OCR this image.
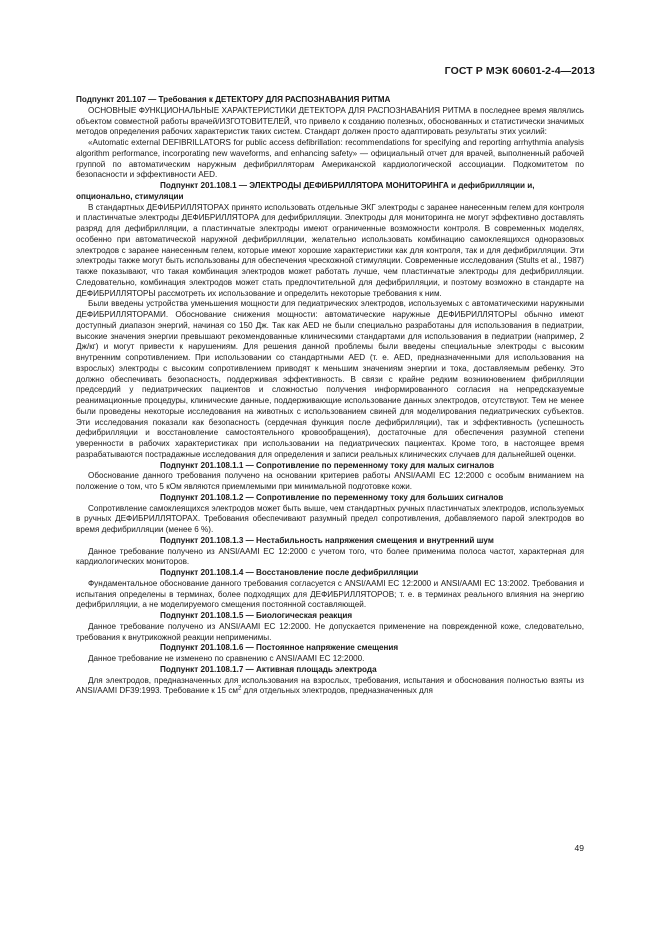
ГОСТ Р МЭК 60601-2-4—2013

Подпункт 201.107 — Требования к ДЕТЕКТОРУ ДЛЯ РАСПОЗНАВАНИЯ РИТМА

ОСНОВНЫЕ ФУНКЦИОНАЛЬНЫЕ ХАРАКТЕРИСТИКИ ДЕТЕКТОРА ДЛЯ РАСПОЗНАВАНИЯ РИТМА в последнее время являлись объектом совместной работы врачей/ИЗГОТОВИТЕЛЕЙ, что привело к созданию полезных, обоснованных и статистически значимых методов определения рабочих характеристик таких систем. Стандарт должен просто адаптировать результаты этих усилий:

«Automatic external DEFIBRILLATORS for public access defibrillation: recommendations for specifying and reporting arrhythmia analysis algorithm performance, incorporating new waveforms, and enhancing safety» — официальный отчет для врачей, выполненный рабочей группой по автоматическим наружным дефибрилляторам Американской кардиологической ассоциации. Подкомитетом по безопасности и эффективности AED.

Подпункт 201.108.1 — ЭЛЕКТРОДЫ ДЕФИБРИЛЛЯТОРА МОНИТОРИНГА и дефибрилляции и, опционально, стимуляции

В стандартных ДЕФИБРИЛЛЯТОРАХ принято использовать отдельные ЭКГ электроды с заранее нанесенным гелем для контроля и пластинчатые электроды ДЕФИБРИЛЛЯТОРА для дефибрилляции. Электроды для мониторинга не могут эффективно доставлять разряд для дефибрилляции, а пластинчатые электроды имеют ограниченные возможности контроля. В современных моделях, особенно при автоматической наружной дефибрилляции, желательно использовать комбинацию самоклеящихся одноразовых электродов с заранее нанесенным гелем, которые имеют хорошие характеристики как для контроля, так и для дефибрилляции. Эти электроды также могут быть использованы для обеспечения чрескожной стимуляции. Современные исследования (Stults et al., 1987) также показывают, что такая комбинация электродов может работать лучше, чем пластинчатые электроды для дефибрилляции. Следовательно, комбинация электродов может стать предпочтительной для дефибрилляции, и поэтому возможно в стандарте на ДЕФИБРИЛЛЯТОРЫ рассмотреть их использование и определить некоторые требования к ним.

Были введены устройства уменьшения мощности для педиатрических электродов, используемых с автоматическими наружными ДЕФИБРИЛЛЯТОРАМИ. Обоснование снижения мощности: автоматические наружные ДЕФИБРИЛЛЯТОРЫ обычно имеют доступный диапазон энергий, начиная со 150 Дж. Так как AED не были специально разработаны для использования в педиатрии, высокие значения энергии превышают рекомендованные клиническими стандартами для использования в педиатрии (например, 2 Дж/кг) и могут привести к нарушениям. Для решения данной проблемы были введены специальные электроды с высоким внутренним сопротивлением. При использовании со стандартными AED (т. е. AED, предназначенными для использования на взрослых) электроды с высоким сопротивлением приводят к меньшим значениям энергии и тока, доставляемым ребенку. Это должно обеспечивать безопасность, поддерживая эффективность. В связи с крайне редким возникновением фибрилляции предсердий у педиатрических пациентов и сложностью получения информированного согласия на непредсказуемые реанимационные процедуры, клинические данные, поддерживающие использование данных электродов, отсутствуют. Тем не менее были проведены некоторые исследования на животных с использованием свиней для моделирования педиатрических субъектов. Эти исследования показали как безопасность (сердечная функция после дефибрилляции), так и эффективность (успешность дефибрилляции и восстановление самостоятельного кровообращения), достаточные для обеспечения разумной степени уверенности в рабочих характеристиках при использовании на педиатрических пациентах. Кроме того, в настоящее время разрабатываются пострадажные исследования для определения и записи реальных клинических случаев для дальнейшей оценки.

Подпункт 201.108.1.1 — Сопротивление по переменному току для малых сигналов

Обоснование данного требования получено на основании критериев работы ANSI/AAMI EC 12:2000 с особым вниманием на положение о том, что 5 кОм являются приемлемыми при минимальной подготовке кожи.

Подпункт 201.108.1.2 — Сопротивление по переменному току для больших сигналов

Сопротивление самоклеящихся электродов может быть выше, чем стандартных ручных пластинчатых электродов, используемых в ручных ДЕФИБРИЛЛЯТОРАХ. Требования обеспечивают разумный предел сопротивления, добавляемого парой электродов во время дефибрилляции (менее 6 %).

Подпункт 201.108.1.3 — Нестабильность напряжения смещения и внутренний шум

Данное требование получено из ANSI/AAMI EC 12:2000 с учетом того, что более применима полоса частот, характерная для кардиологических мониторов.

Подпункт 201.108.1.4 — Восстановление после дефибрилляции

Фундаментальное обоснование данного требования согласуется с ANSI/AAMI EC 12:2000 и ANSI/AAMI EC 13:2002. Требования и испытания определены в терминах, более подходящих для ДЕФИБРИЛЛЯТОРОВ; т. е. в терминах реального влияния на энергию дефибрилляции, а не моделируемого смещения постоянной составляющей.

Подпункт 201.108.1.5 — Биологическая реакция

Данное требование получено из ANSI/AAMI EC 12:2000. Не допускается применение на поврежденной коже, следовательно, требования к внутрикожной реакции неприменимы.

Подпункт 201.108.1.6 — Постоянное напряжение смещения

Данное требование не изменено по сравнению с ANSI/AAMI EC 12:2000.

Подпункт 201.108.1.7 — Активная площадь электрода

Для электродов, предназначенных для использования на взрослых, требования, испытания и обоснования полностью взяты из ANSI/AAMI DF39:1993. Требование к 15 $см^2$ для отдельных электродов, предназначенных для

49
